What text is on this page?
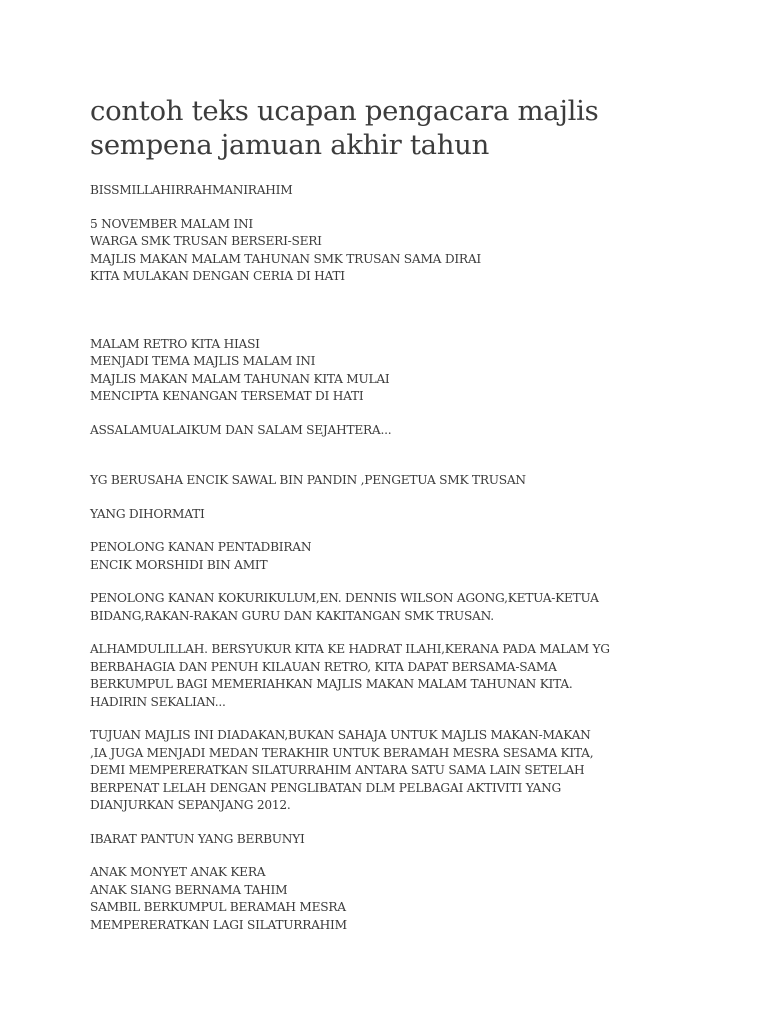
contoh teks ucapan pengacara majlis
sempena jamuan akhir tahun

BISSMILLAHIRRAHMANIRAHIM

5 NOVEMBER MALAM INI
WARGA SMK TRUSAN BERSERI-SERI
MAJLIS MAKAN MALAM TAHUNAN SMK TRUSAN SAMA DIRAI
KITA MULAKAN DENGAN CERIA DI HATI

MALAM RETRO KITA HIASI
MENJADI TEMA MAJLIS MALAM INI
MAJLIS MAKAN MALAM TAHUNAN KITA MULAI
MENCIPTA KENANGAN TERSEMAT DI HATI

ASSALAMUALAIKUM DAN SALAM SEJAHTERA...

YG BERUSAHA ENCIK SAWAL BIN PANDIN ,PENGETUA SMK TRUSAN

YANG DIHORMATI

PENOLONG KANAN PENTADBIRAN
ENCIK MORSHIDI BIN AMIT

PENOLONG KANAN KOKURIKULUM,EN. DENNIS WILSON AGONG,KETUA-KETUA
BIDANG,RAKAN-RAKAN GURU DAN KAKITANGAN SMK TRUSAN.

ALHAMDULILLAH. BERSYUKUR KITA KE HADRAT ILAHI,KERANA PADA MALAM YG
BERBAHAGIA DAN PENUH KILAUAN RETRO, KITA DAPAT BERSAMA-SAMA
BERKUMPUL BAGI MEMERIAHKAN MAJLIS MAKAN MALAM TAHUNAN KITA.
HADIRIN SEKALIAN...

TUJUAN MAJLIS INI DIADAKAN,BUKAN SAHAJA UNTUK MAJLIS MAKAN-MAKAN
,IA JUGA MENJADI MEDAN TERAKHIR UNTUK BERAMAH MESRA SESAMA KITA,
DEMI MEMPERERATKAN SILATURRAHIM ANTARA SATU SAMA LAIN SETELAH
BERPENAT LELAH DENGAN PENGLIBATAN DLM PELBAGAI AKTIVITI YANG
DIANJURKAN SEPANJANG 2012.

IBARAT PANTUN YANG BERBUNYI

ANAK MONYET ANAK KERA
ANAK SIANG BERNAMA TAHIM
SAMBIL BERKUMPUL BERAMAH MESRA
MEMPERERATKAN LAGI SILATURRAHIM
